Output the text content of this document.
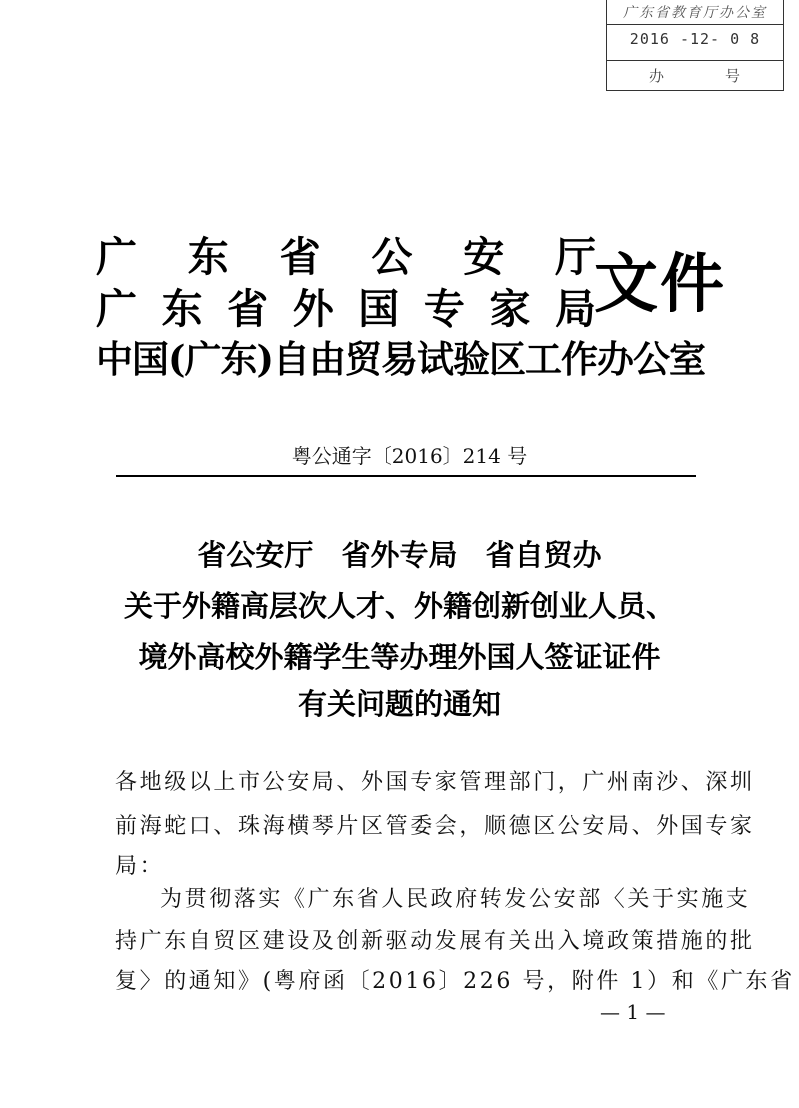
广东省教育厅办公室
2016 -12- 0 8
办	号
广 东 省 公 安 厅
广 东 省 外 国 专 家 局
中国(广东)自由贸易试验区工作办公室
文件
粤公通字〔2016〕214 号
省公安厅 省外专局 省自贸办
关于外籍高层次人才、外籍创新创业人员、
境外高校外籍学生等办理外国人签证证件
有关问题的通知
各地级以上市公安局、外国专家管理部门，广州南沙、深圳
前海蛇口、珠海横琴片区管委会，顺德区公安局、外国专家
局：
为贯彻落实《广东省人民政府转发公安部〈关于实施支
持广东自贸区建设及创新驱动发展有关出入境政策措施的批
复〉的通知》(粤府函〔2016〕226 号，附件 1）和《广东省
— 1 —
